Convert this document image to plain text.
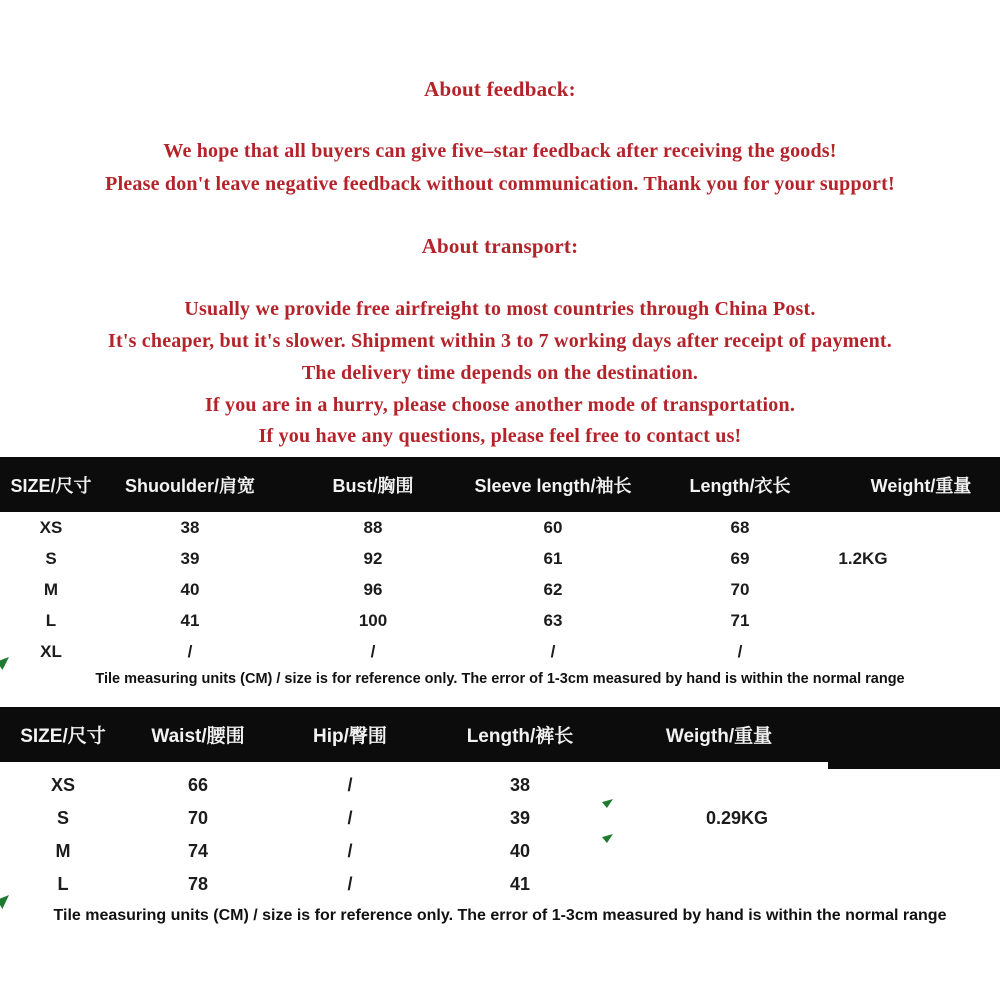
About feedback:
We hope that all buyers can give five–star feedback after receiving the goods!
Please don't leave negative feedback without communication. Thank you for your support!
About transport:
Usually we provide free airfreight to most countries through China Post.
It's cheaper, but it's slower. Shipment within 3 to 7 working days after receipt of payment.
The delivery time depends on the destination.
If you are in a hurry, please choose another mode of transportation.
If you have any questions, please feel free to contact us!
SIZE/尺寸	Shuoulder/肩宽	Bust/胸围	Sleeve length/袖长	Length/衣长	Weight/重量
XS	38	88	60	68
S	39	92	61	69	1.2KG
M	40	96	62	70
L	41	100	63	71
XL	/	/	/	/
Tile measuring units (CM) / size is for reference only. The error of 1-3cm measured by hand is within the normal range
SIZE/尺寸	Waist/腰围	Hip/臀围	Length/裤长	Weigth/重量
XS	66	/	38
S	70	/	39	0.29KG
M	74	/	40
L	78	/	41
Tile measuring units (CM) / size is for reference only. The error of 1-3cm measured by hand is within the normal range
